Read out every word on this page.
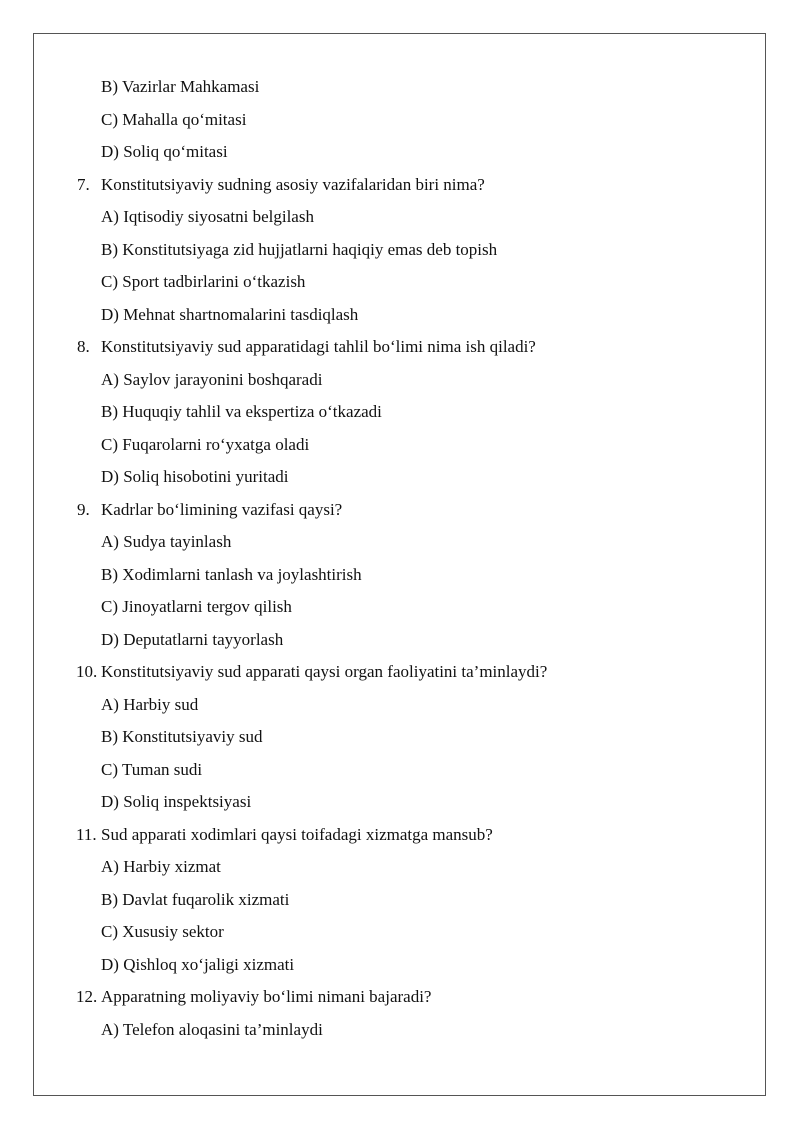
B) Vazirlar Mahkamasi
C) Mahalla qo‘mitasi
D) Soliq qo‘mitasi
7. Konstitutsiyaviy sudning asosiy vazifalaridan biri nima?
A) Iqtisodiy siyosatni belgilash
B) Konstitutsiyaga zid hujjatlarni haqiqiy emas deb topish
C) Sport tadbirlarini o‘tkazish
D) Mehnat shartnomalarini tasdiqlash
8. Konstitutsiyaviy sud apparatidagi tahlil bo‘limi nima ish qiladi?
A) Saylov jarayonini boshqaradi
B) Huquqiy tahlil va ekspertiza o‘tkazadi
C) Fuqarolarni ro‘yxatga oladi
D) Soliq hisobotini yuritadi
9. Kadrlar bo‘limining vazifasi qaysi?
A) Sudya tayinlash
B) Xodimlarni tanlash va joylashtirish
C) Jinoyatlarni tergov qilish
D) Deputatlarni tayyorlash
10. Konstitutsiyaviy sud apparati qaysi organ faoliyatini ta’minlaydi?
A) Harbiy sud
B) Konstitutsiyaviy sud
C) Tuman sudi
D) Soliq inspektsiyasi
11. Sud apparati xodimlari qaysi toifadagi xizmatga mansub?
A) Harbiy xizmat
B) Davlat fuqarolik xizmati
C) Xususiy sektor
D) Qishloq xo‘jaligi xizmati
12. Apparatning moliyaviy bo‘limi nimani bajaradi?
A) Telefon aloqasini ta’minlaydi
